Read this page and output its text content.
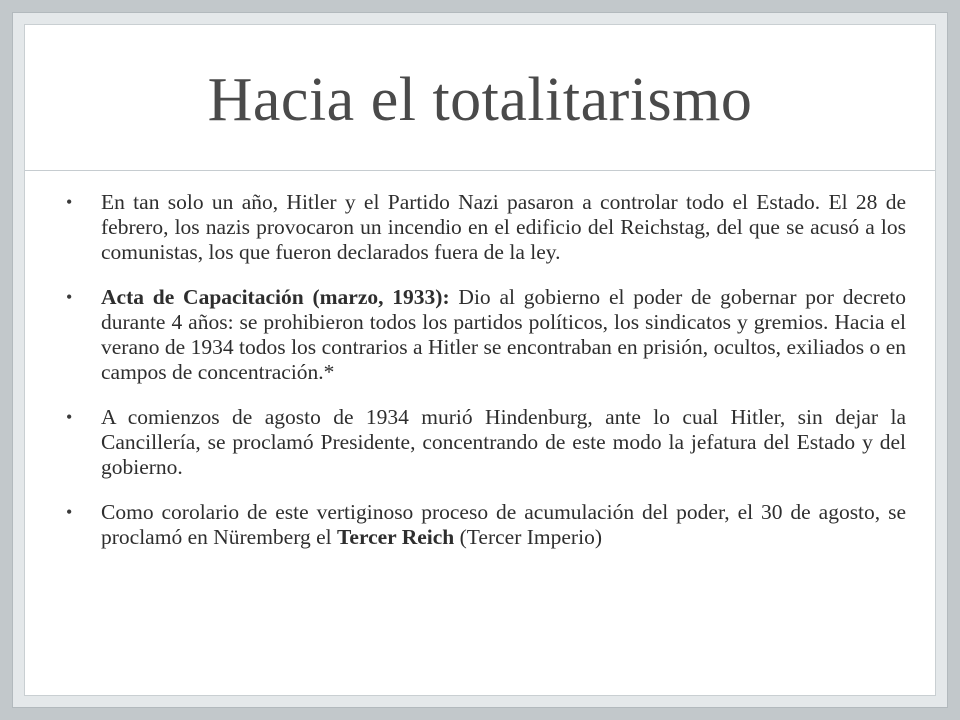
Hacia el totalitarismo
• En tan solo un año, Hitler y el Partido Nazi pasaron a controlar todo el Estado. El 28 de febrero, los nazis provocaron un incendio en el edificio del Reichstag, del que se acusó a los comunistas, los que fueron declarados fuera de la ley.
• Acta de Capacitación (marzo, 1933): Dio al gobierno el poder de gobernar por decreto durante 4 años: se prohibieron todos los partidos políticos, los sindicatos y gremios. Hacia el verano de 1934 todos los contrarios a Hitler se encontraban en prisión, ocultos, exiliados o en campos de concentración.*
• A comienzos de agosto de 1934 murió Hindenburg, ante lo cual Hitler, sin dejar la Cancillería, se proclamó Presidente, concentrando de este modo la jefatura del Estado y del gobierno.
• Como corolario de este vertiginoso proceso de acumulación del poder, el 30 de agosto, se proclamó en Nüremberg el Tercer Reich (Tercer Imperio)
